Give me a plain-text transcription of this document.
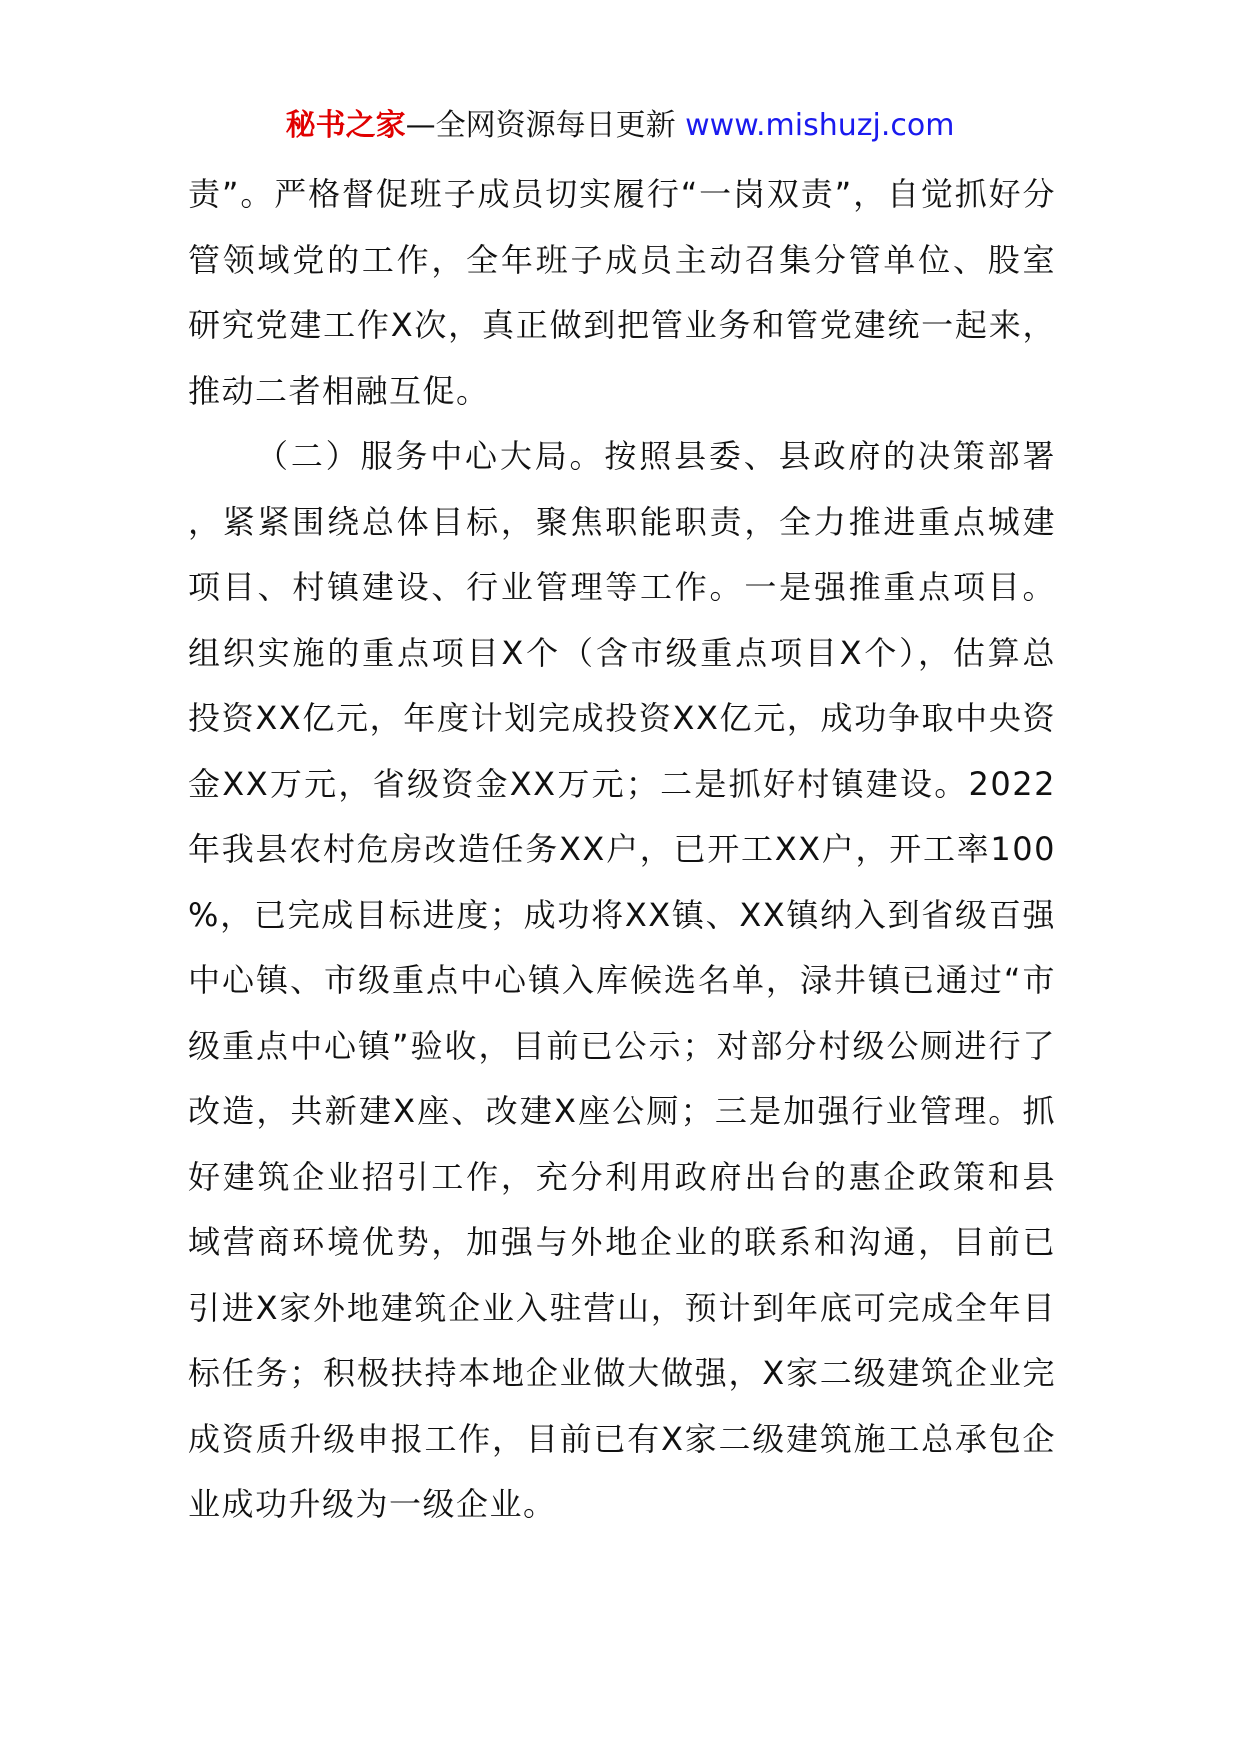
秘书之家—全网资源每日更新 www.mishuzj.com

责”。严格督促班子成员切实履行“一岗双责”，自觉抓好分管领域党的工作，全年班子成员主动召集分管单位、股室研究党建工作X次，真正做到把管业务和管党建统一起来，推动二者相融互促。

（二）服务中心大局。按照县委、县政府的决策部署，紧紧围绕总体目标，聚焦职能职责，全力推进重点城建项目、村镇建设、行业管理等工作。一是强推重点项目。组织实施的重点项目X个（含市级重点项目X个），估算总投资XX亿元，年度计划完成投资XX亿元，成功争取中央资金XX万元，省级资金XX万元；二是抓好村镇建设。2022年我县农村危房改造任务XX户，已开工XX户，开工率100%，已完成目标进度；成功将XX镇、XX镇纳入到省级百强中心镇、市级重点中心镇入库候选名单，渌井镇已通过“市级重点中心镇”验收，目前已公示；对部分村级公厕进行了改造，共新建X座、改建X座公厕；三是加强行业管理。抓好建筑企业招引工作，充分利用政府出台的惠企政策和县域营商环境优势，加强与外地企业的联系和沟通，目前已引进X家外地建筑企业入驻营山，预计到年底可完成全年目标任务；积极扶持本地企业做大做强，X家二级建筑企业完成资质升级申报工作，目前已有X家二级建筑施工总承包企业成功升级为一级企业。
